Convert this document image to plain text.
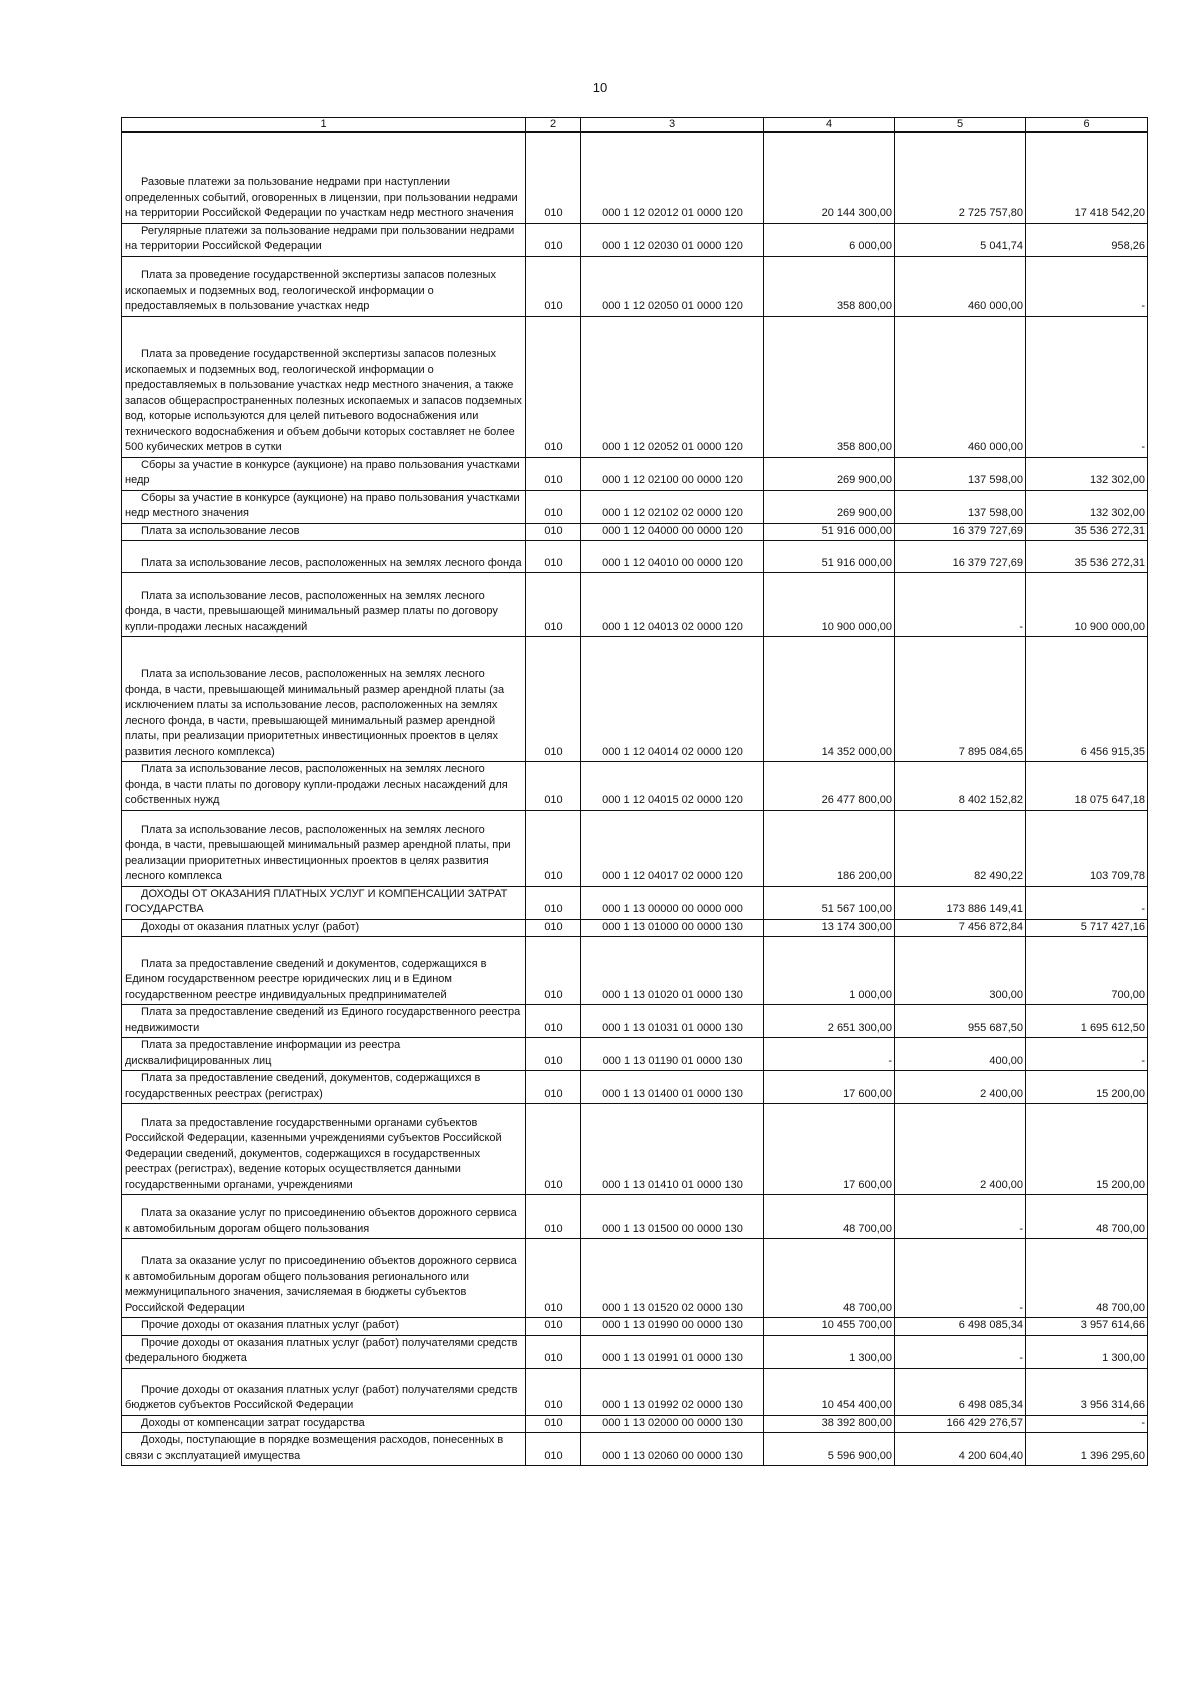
10
1	2	3	4	5	6

Разовые платежи за пользование недрами при наступлении определенных событий, оговоренных в лицензии, при пользовании недрами на территории Российской Федерации по участкам недр местного значения	010	000 1 12 02012 01 0000 120	20 144 300,00	2 725 757,80	17 418 542,20

Регулярные платежи за пользование недрами при пользовании недрами на территории Российской Федерации	010	000 1 12 02030 01 0000 120	6 000,00	5 041,74	958,26

Плата за проведение государственной экспертизы запасов полезных ископаемых и подземных вод, геологической информации о предоставляемых в пользование участках недр	010	000 1 12 02050 01 0000 120	358 800,00	460 000,00	-

Плата за проведение государственной экспертизы запасов полезных ископаемых и подземных вод, геологической информации о предоставляемых в пользование участках недр местного значения, а также запасов общераспространенных полезных ископаемых и запасов подземных вод, которые используются для целей питьевого водоснабжения или технического водоснабжения и объем добычи которых составляет не более 500 кубических метров в сутки	010	000 1 12 02052 01 0000 120	358 800,00	460 000,00	-

Сборы за участие в конкурсе (аукционе) на право пользования участками недр	010	000 1 12 02100 00 0000 120	269 900,00	137 598,00	132 302,00

Сборы за участие в конкурсе (аукционе) на право пользования участками недр местного значения	010	000 1 12 02102 02 0000 120	269 900,00	137 598,00	132 302,00

Плата за использование лесов	010	000 1 12 04000 00 0000 120	51 916 000,00	16 379 727,69	35 536 272,31

Плата за использование лесов, расположенных на землях лесного фонда	010	000 1 12 04010 00 0000 120	51 916 000,00	16 379 727,69	35 536 272,31

Плата за использование лесов, расположенных на землях лесного фонда, в части, превышающей минимальный размер платы по договору купли-продажи лесных насаждений	010	000 1 12 04013 02 0000 120	10 900 000,00	-	10 900 000,00

Плата за использование лесов, расположенных на землях лесного фонда, в части, превышающей минимальный размер арендной платы (за исключением платы за использование лесов, расположенных на землях лесного фонда, в части, превышающей минимальный размер арендной платы, при реализации приоритетных инвестиционных проектов в целях развития лесного комплекса)	010	000 1 12 04014 02 0000 120	14 352 000,00	7 895 084,65	6 456 915,35

Плата за использование лесов, расположенных на землях лесного фонда, в части платы по договору купли-продажи лесных насаждений для собственных нужд	010	000 1 12 04015 02 0000 120	26 477 800,00	8 402 152,82	18 075 647,18

Плата за использование лесов, расположенных на землях лесного фонда, в части, превышающей минимальный размер арендной платы, при реализации приоритетных инвестиционных проектов в целях развития лесного комплекса	010	000 1 12 04017 02 0000 120	186 200,00	82 490,22	103 709,78

ДОХОДЫ ОТ ОКАЗАНИЯ ПЛАТНЫХ УСЛУГ И КОМПЕНСАЦИИ ЗАТРАТ ГОСУДАРСТВА	010	000 1 13 00000 00 0000 000	51 567 100,00	173 886 149,41	-

Доходы от оказания платных услуг (работ)	010	000 1 13 01000 00 0000 130	13 174 300,00	7 456 872,84	5 717 427,16

Плата за предоставление сведений и документов, содержащихся в Едином государственном реестре юридических лиц и в Едином государственном реестре индивидуальных предпринимателей	010	000 1 13 01020 01 0000 130	1 000,00	300,00	700,00

Плата за предоставление сведений из Единого государственного реестра недвижимости	010	000 1 13 01031 01 0000 130	2 651 300,00	955 687,50	1 695 612,50

Плата за предоставление информации из реестра дисквалифицированных лиц	010	000 1 13 01190 01 0000 130	-	400,00	-

Плата за предоставление сведений, документов, содержащихся в государственных реестрах (регистрах)	010	000 1 13 01400 01 0000 130	17 600,00	2 400,00	15 200,00

Плата за предоставление государственными органами субъектов Российской Федерации, казенными учреждениями субъектов Российской Федерации сведений, документов, содержащихся в государственных реестрах (регистрах), ведение которых осуществляется данными государственными органами, учреждениями	010	000 1 13 01410 01 0000 130	17 600,00	2 400,00	15 200,00

Плата за оказание услуг по присоединению объектов дорожного сервиса к автомобильным дорогам общего пользования	010	000 1 13 01500 00 0000 130	48 700,00	-	48 700,00

Плата за оказание услуг по присоединению объектов дорожного сервиса к автомобильным дорогам общего пользования регионального или межмуниципального значения, зачисляемая в бюджеты субъектов Российской Федерации	010	000 1 13 01520 02 0000 130	48 700,00	-	48 700,00

Прочие доходы от оказания платных услуг (работ)	010	000 1 13 01990 00 0000 130	10 455 700,00	6 498 085,34	3 957 614,66

Прочие доходы от оказания платных услуг (работ) получателями средств федерального бюджета	010	000 1 13 01991 01 0000 130	1 300,00	-	1 300,00

Прочие доходы от оказания платных услуг (работ) получателями средств бюджетов субъектов Российской Федерации	010	000 1 13 01992 02 0000 130	10 454 400,00	6 498 085,34	3 956 314,66

Доходы от компенсации затрат государства	010	000 1 13 02000 00 0000 130	38 392 800,00	166 429 276,57	-

Доходы, поступающие в порядке возмещения расходов, понесенных в связи с эксплуатацией имущества	010	000 1 13 02060 00 0000 130	5 596 900,00	4 200 604,40	1 396 295,60
